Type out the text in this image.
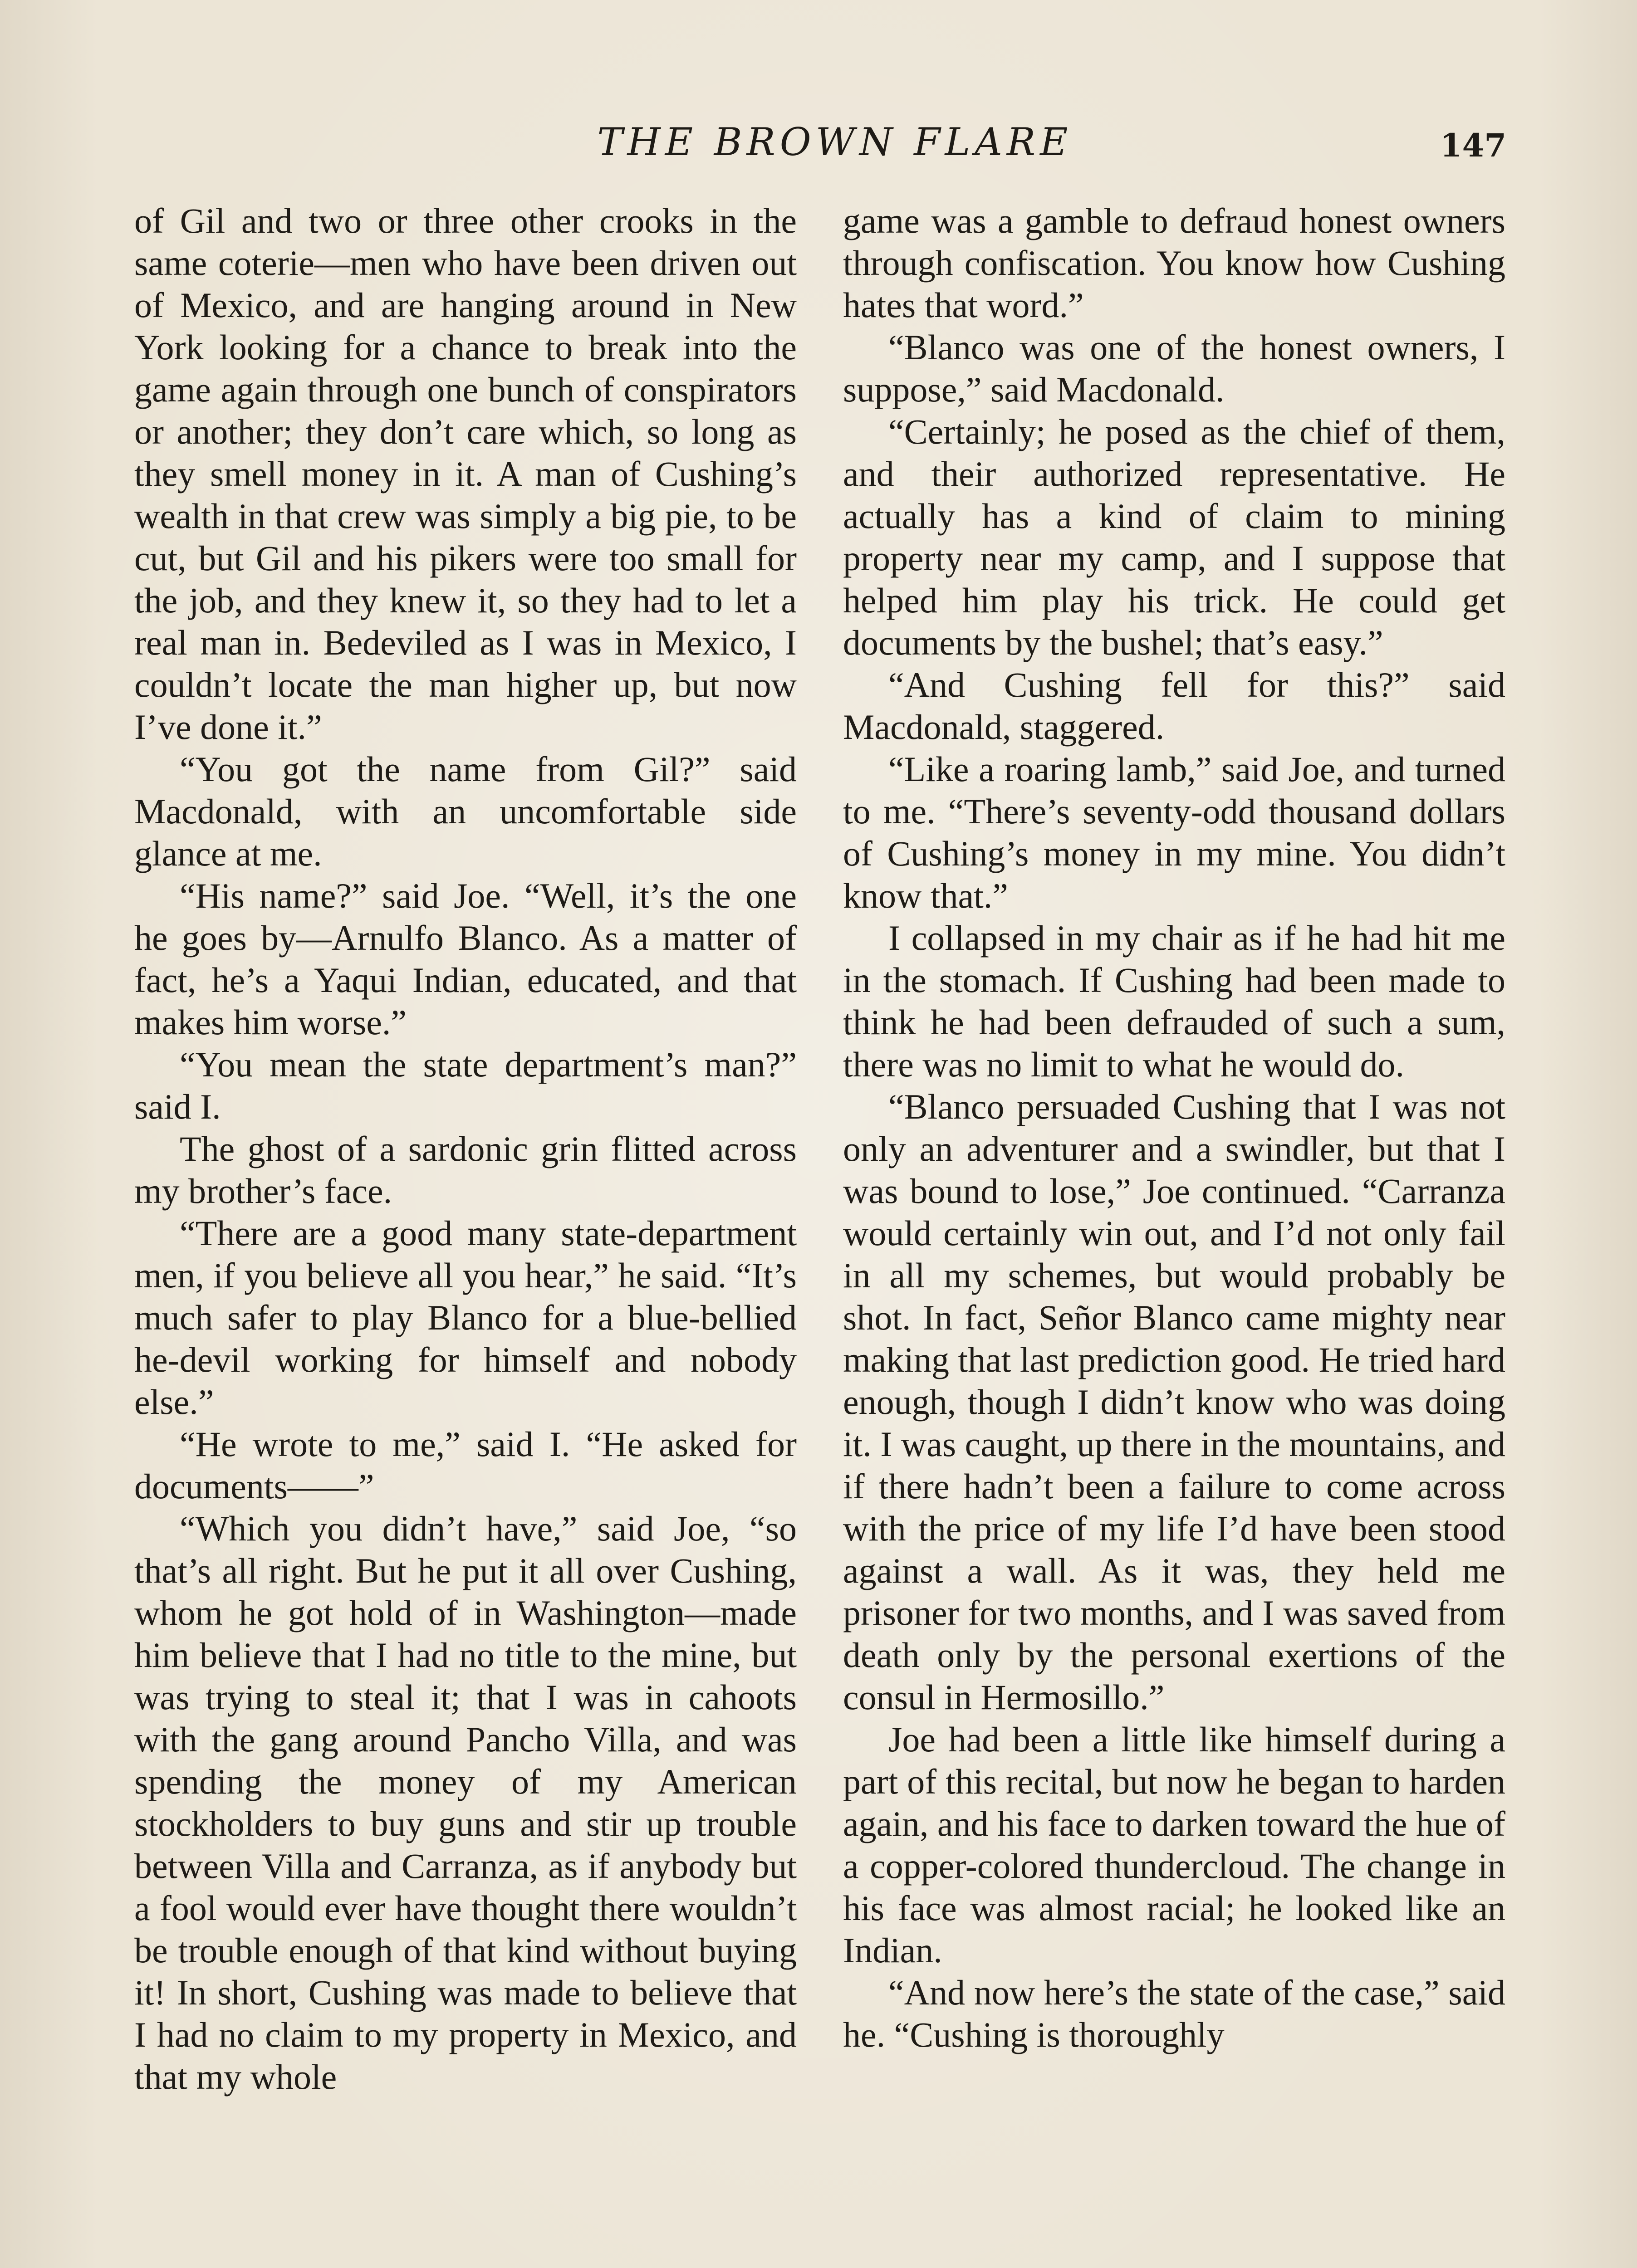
THE BROWN FLARE	147

of Gil and two or three other crooks in the same coterie—men who have been driven out of Mexico, and are hanging around in New York looking for a chance to break into the game again through one bunch of conspirators or another; they don’t care which, so long as they smell money in it. A man of Cushing’s wealth in that crew was simply a big pie, to be cut, but Gil and his pikers were too small for the job, and they knew it, so they had to let a real man in. Bedeviled as I was in Mexico, I couldn’t locate the man higher up, but now I’ve done it.”

“You got the name from Gil?” said Macdonald, with an uncomfortable side glance at me.

“His name?” said Joe. “Well, it’s the one he goes by—Arnulfo Blanco. As a matter of fact, he’s a Yaqui Indian, educated, and that makes him worse.”

“You mean the state department’s man?” said I.

The ghost of a sardonic grin flitted across my brother’s face.

“There are a good many state-department men, if you believe all you hear,” he said. “It’s much safer to play Blanco for a blue-bellied he-devil working for himself and nobody else.”

“He wrote to me,” said I. “He asked for documents——”

“Which you didn’t have,” said Joe, “so that’s all right. But he put it all over Cushing, whom he got hold of in Washington—made him believe that I had no title to the mine, but was trying to steal it; that I was in cahoots with the gang around Pancho Villa, and was spending the money of my American stockholders to buy guns and stir up trouble between Villa and Carranza, as if anybody but a fool would ever have thought there wouldn’t be trouble enough of that kind without buying it! In short, Cushing was made to believe that I had no claim to my property in Mexico, and that my whole

game was a gamble to defraud honest owners through confiscation. You know how Cushing hates that word.”

“Blanco was one of the honest owners, I suppose,” said Macdonald.

“Certainly; he posed as the chief of them, and their authorized representative. He actually has a kind of claim to mining property near my camp, and I suppose that helped him play his trick. He could get documents by the bushel; that’s easy.”

“And Cushing fell for this?” said Macdonald, staggered.

“Like a roaring lamb,” said Joe, and turned to me. “There’s seventy-odd thousand dollars of Cushing’s money in my mine. You didn’t know that.”

I collapsed in my chair as if he had hit me in the stomach. If Cushing had been made to think he had been defrauded of such a sum, there was no limit to what he would do.

“Blanco persuaded Cushing that I was not only an adventurer and a swindler, but that I was bound to lose,” Joe continued. “Carranza would certainly win out, and I’d not only fail in all my schemes, but would probably be shot. In fact, Señor Blanco came mighty near making that last prediction good. He tried hard enough, though I didn’t know who was doing it. I was caught, up there in the mountains, and if there hadn’t been a failure to come across with the price of my life I’d have been stood against a wall. As it was, they held me prisoner for two months, and I was saved from death only by the personal exertions of the consul in Hermosillo.”

Joe had been a little like himself during a part of this recital, but now he began to harden again, and his face to darken toward the hue of a copper-colored thundercloud. The change in his face was almost racial; he looked like an Indian.

“And now here’s the state of the case,” said he. “Cushing is thoroughly
